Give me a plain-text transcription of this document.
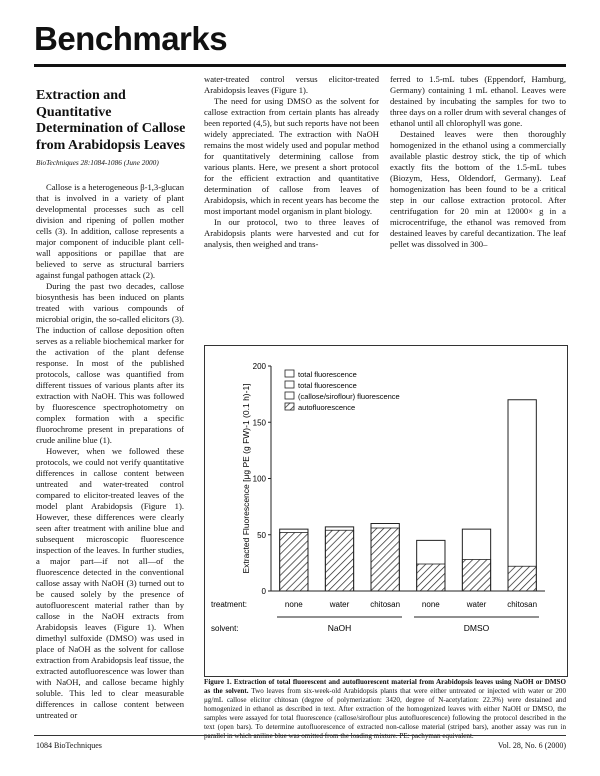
Benchmarks
Extraction and Quantitative Determination of Callose from Arabidopsis Leaves
BioTechniques 28:1084-1086 (June 2000)

Callose is a heterogeneous β-1,3-glucan that is involved in a variety of plant developmental processes such as cell division and ripening of pollen mother cells (3). In addition, callose represents a major component of inducible plant cell-wall appositions or papillae that are believed to serve as structural barriers against fungal pathogen attack (2).

During the past two decades, callose biosynthesis has been induced on plants treated with various compounds of microbial origin, the so-called elicitors (3). The induction of callose deposition often serves as a reliable biochemical marker for the activation of the plant defense response. In most of the published protocols, callose was quantified from different tissues of various plants after its extraction with NaOH. This was followed by fluorescence spectrophotometry on complex formation with a specific fluorochrome present in preparations of crude aniline blue (1).

However, when we followed these protocols, we could not verify quantitative differences in callose content between untreated and water-treated control compared to elicitor-treated leaves of the model plant Arabidopsis (Figure 1). However, these differences were clearly seen after treatment with aniline blue and subsequent microscopic fluorescence inspection of the leaves. In further studies, a major part—if not all—of the fluorescence detected in the conventional callose assay with NaOH (3) turned out to be caused solely by the presence of autofluorescent material rather than by callose in the NaOH extracts from Arabidopsis leaves (Figure 1). When dimethyl sulfoxide (DMSO) was used in place of NaOH as the solvent for callose extraction from Arabidopsis leaf tissue, the extracted autofluorescence was lower than with NaOH, and callose became highly soluble. This led to clear measurable differences in callose content between untreated or

water-treated control versus elicitor-treated Arabidopsis leaves (Figure 1).

The need for using DMSO as the solvent for callose extraction from certain plants has already been reported (4,5), but such reports have not been widely appreciated. The extraction with NaOH remains the most widely used and popular method for quantitatively determining callose from various plants. Here, we present a short protocol for the efficient extraction and quantitative determination of callose from leaves of Arabidopsis, which in recent years has become the most important model organism in plant biology.

In our protocol, two to three leaves of Arabidopsis plants were harvested and cut for analysis, then weighed and trans-

ferred to 1.5-mL tubes (Eppendorf, Hamburg, Germany) containing 1 mL ethanol. Leaves were destained by incubating the samples for two to three days on a roller drum with several changes of ethanol until all chlorophyll was gone.

Destained leaves were then thoroughly homogenized in the ethanol using a commercially available plastic destroy stick, the tip of which exactly fits the bottom of the 1.5-mL tubes (Biozym, Hess, Oldendorf, Germany). Leaf homogenization has been found to be a critical step in our callose extraction protocol. After centrifugation for 20 min at 12000× g in a microcentrifuge, the ethanol was removed from destained leaves by careful decantization. The leaf pellet was dissolved in 300–

0
50
100
150
200
Extracted Fluorescence [μg PE (g FW)-1 (0.1 h)-1]
total fluorescence
total fluorescence
(callose/siroflour) fluorescence
autofluorescence
none	water	chitosan	none	water	chitosan
treatment:
solvent:	NaOH	DMSO
Figure 1. Extraction of total fluorescent and autofluorescent material from Arabidopsis leaves using NaOH or DMSO as the solvent. Two leaves from six-week-old Arabidopsis plants that were either untreated or injected with water or 200 μg/mL callose elicitor chitosan (degree of polymerization: 3420, degree of N-acetylation: 22.3%) were destained and homogenized in ethanol as described in text. After extraction of the homogenized leaves with either NaOH or DMSO, the samples were assayed for total fluorescence (callose/siroflour plus autofluorescence) following the protocol described in the text (open bars). To determine autofluorescence of extracted non-callose material (striped bars), another assay was run in parallel in which aniline blue was omitted from the loading mixture. PE: pachyman equivalent.
1084 BioTechniques	Vol. 28, No. 6 (2000)
